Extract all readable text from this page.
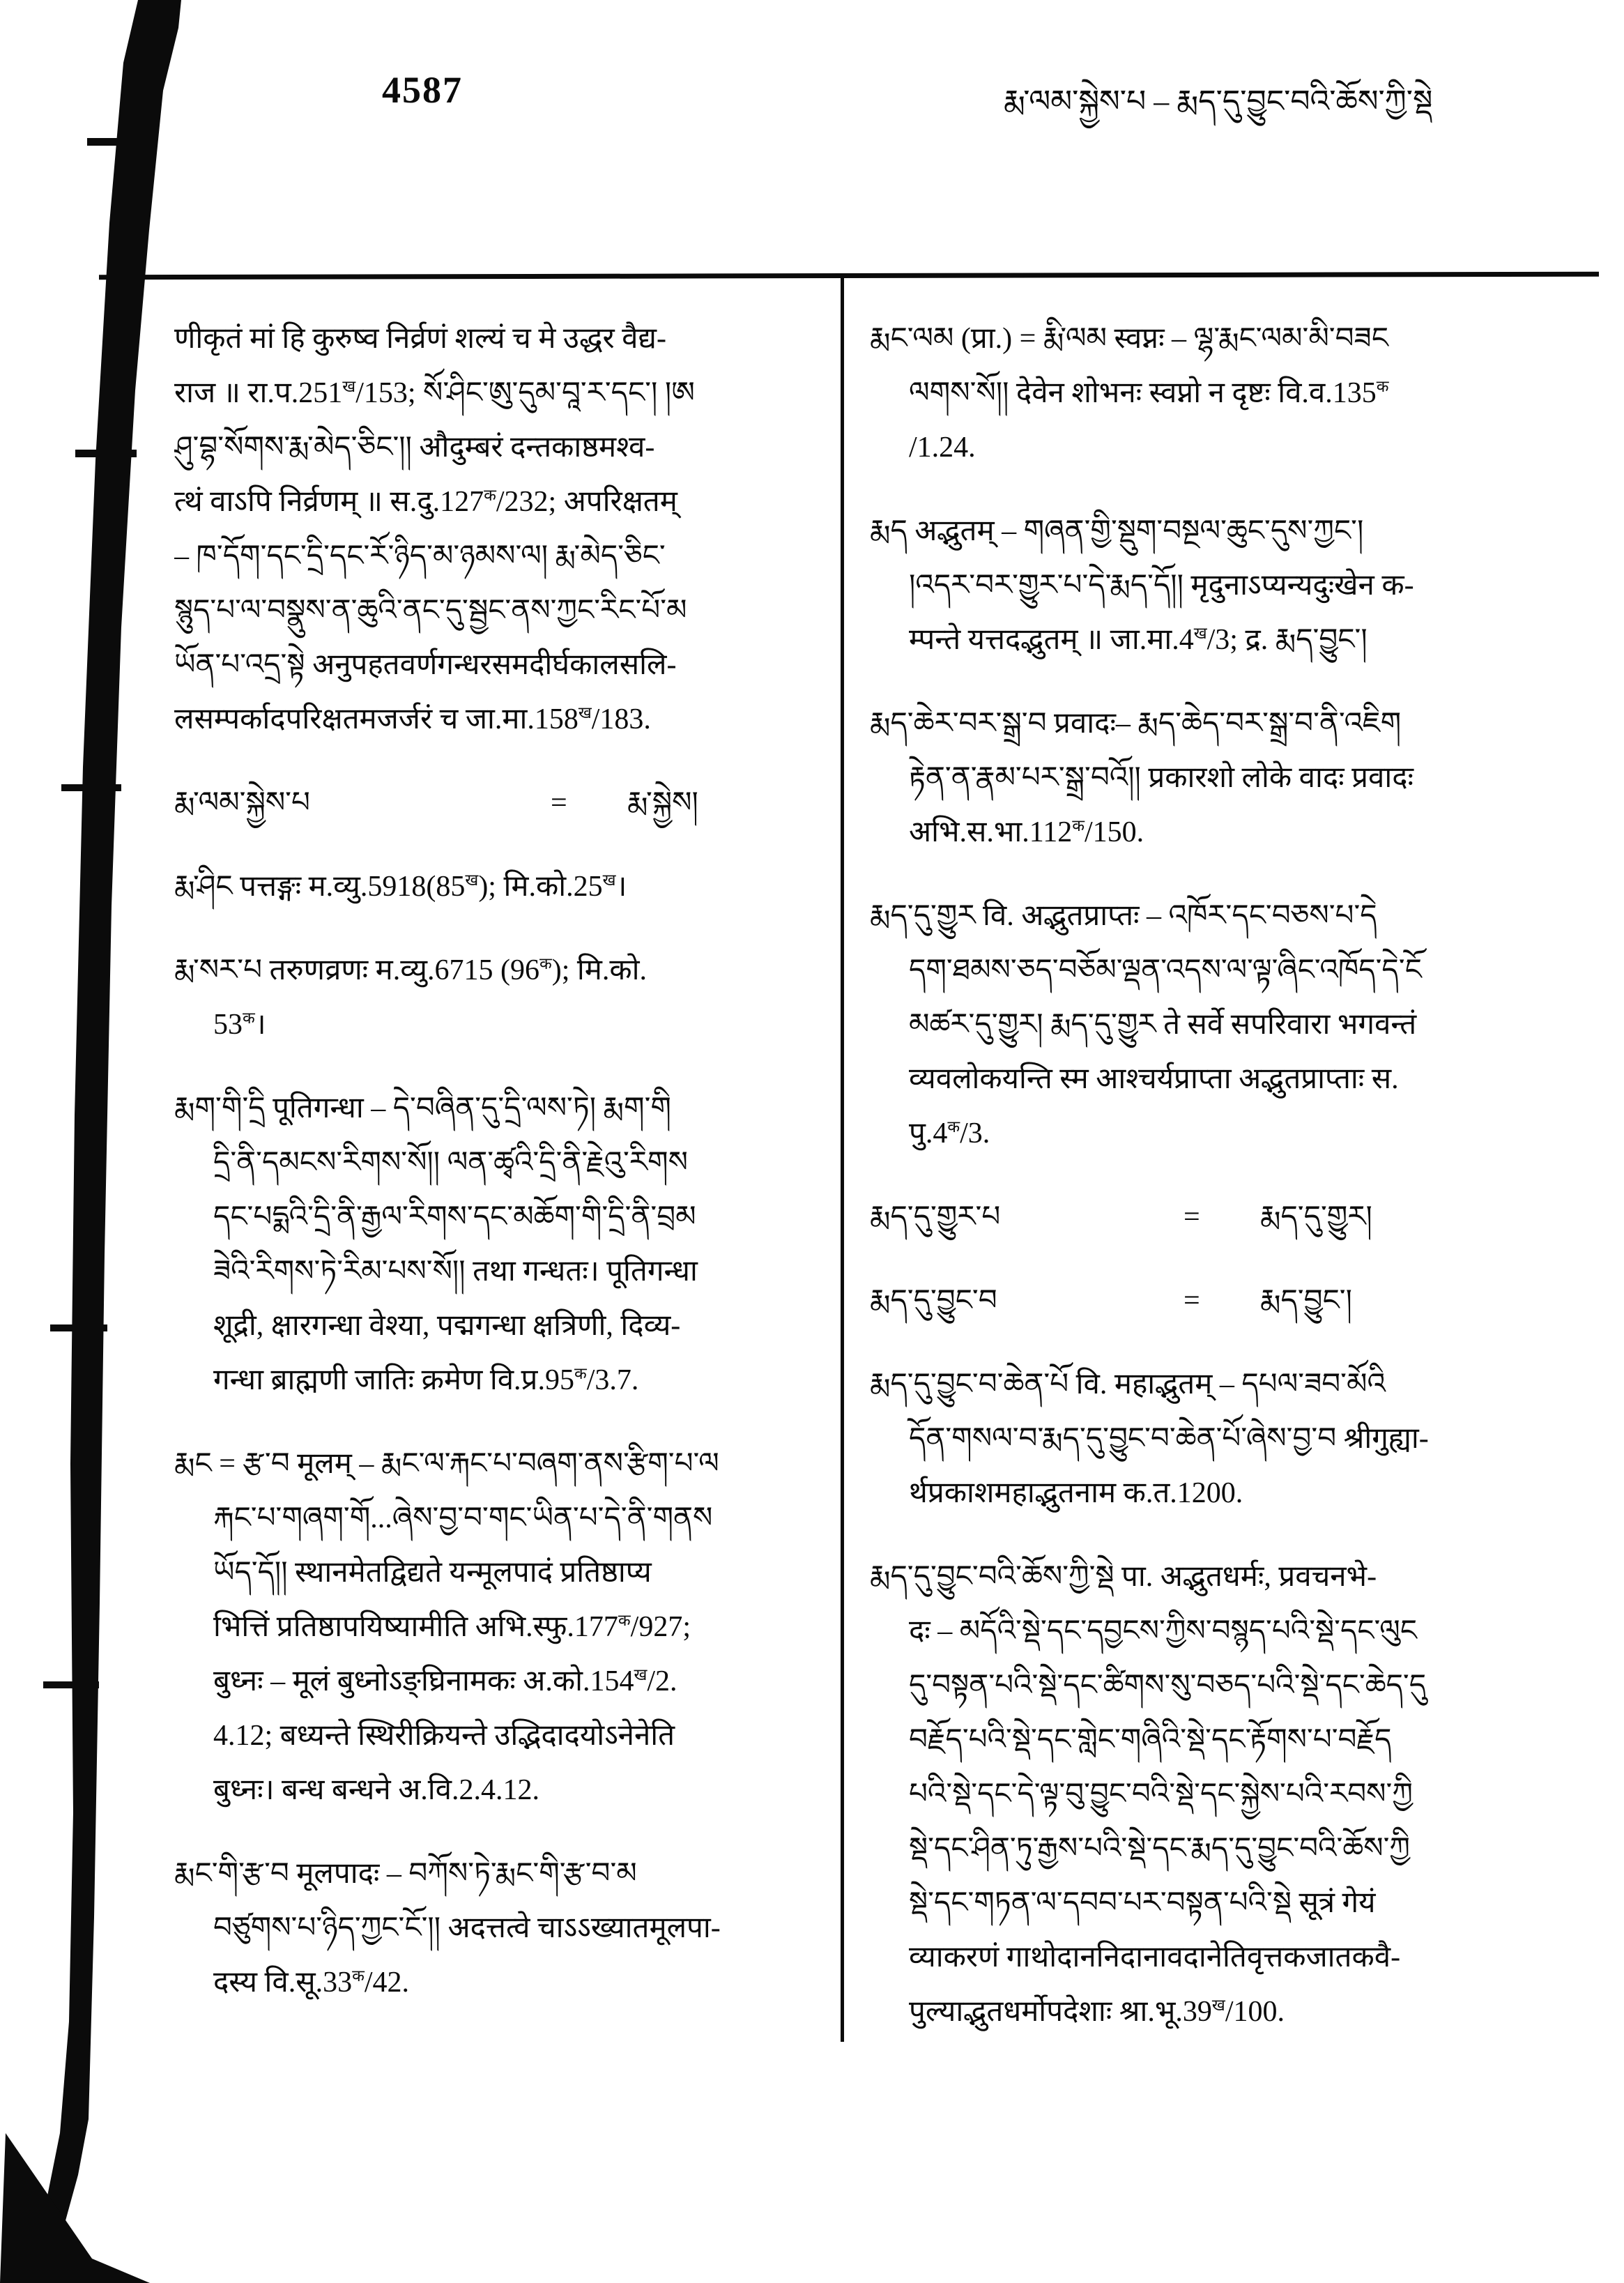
4587	རྨ་ལམ་སྐྱེས་པ – རྨད་དུ་བྱུང་བའི་ཆོས་ཀྱི་སྡེ
णीकृतं मां हि कुरुष्व निर्व्रणं शल्यं च मे उद्धर वैद्य-
राज ॥ $रा.प.251^ख/153$; སོ་ཤིང་ཨུ་དུམ་བཱ་ར་དང་། །ཨ
ཤུ་བྷ་སོགས་རྨ་མེད་ཅིང་།། औदुम्बरं दन्तकाष्ठमश्व-
त्थं वाऽपि निर्व्रणम् ॥ $स.दु.127^क/232$; अपरिक्षतम्
– ཁ་དོག་དང་དྲི་དང་རོ་ཉིད་མ་ཉམས་ལ། རྨ་མེད་ཅིང་
སྙུད་པ་ལ་བསྣུས་ན་ཆུའི་ནང་དུ་སྦྱང་ནས་ཀྱང་རིང་པོ་མ
ཡོན་པ་འདྲ་སྟེ अनुपहतवर्णगन्धरसमदीर्घकालसलि-
लसम्पर्कादपरिक्षतमजर्जरं च $जा.मा.158^ख/183$.
རྨ་ལམ་སྐྱེས་པ	=	རྨ་སྐྱེས།
རྨ་ཤིང पत्तङ्गः $म.व्यु.5918(85^ख)$; $मि.को.25^ख।$
རྨ་སར་པ तरुणव्रणः म.व्यु.6715 $(96^क)$; मि.को.
$53^क।$
རྨག་གི་དྲི पूतिगन्धा – དེ་བཞིན་དུ་དྲི་ལས་ཏེ། རྨག་གི
དྲི་ནི་དམངས་རིགས་སོ།། ལན་ཚྭའི་དྲི་ནི་རྗེའུ་རིགས
དང་པདྨའི་དྲི་ནི་རྒྱལ་རིགས་དང་མཆོག་གི་དྲི་ནི་བྲམ
ཟེའི་རིགས་ཏེ་རིམ་པས་སོ།། तथा गन्धतः। पूतिगन्धा
शूद्री, क्षारगन्धा वेश्या, पद्मगन्धा क्षत्रिणी, दिव्य-
गन्धा ब्राह्मणी जातिः क्रमेण $वि.प्र.95^क/3.7$.
རྨང = རྩ་བ मूलम् – རྨང་ལ་རྐང་པ་བཞག་ནས་རྩིག་པ་ལ
རྐང་པ་གཞག་གོ...ཞེས་བྱ་བ་གང་ཡིན་པ་དེ་ནི་གནས
ཡོད་དོ།། स्थानमेतद्विद्यते यन्मूलपादं प्रतिष्ठाप्य
भित्तिं प्रतिष्ठापयिष्यामीति $अभि.स्फु.177^क/927$;
बुध्नः – मूलं बुध्नोऽङ्घ्रिनामकः $अ.को.154^ख/2$.
4.12; बध्यन्ते स्थिरीक्रियन्ते उद्भिदादयोऽनेनेति
बुध्नः। बन्ध बन्धने अ.वि.2.4.12.
རྨང་གི་རྩ་བ मूलपादः – བཀོས་ཏེ་རྨང་གི་རྩ་བ་མ
བཙུགས་པ་ཉིད་ཀྱང་ངོ་།། अदत्तत्वे चाऽऽख्यातमूलपा-
दस्य $वि.सू.33^क/42$.
རྨང་ལམ (प्रा.) = རྨི་ལམ स्वप्नः – ལྷ་རྨང་ལམ་མི་བཟང
ལགས་སོ།། देवेन शोभनः स्वप्नो न दृष्टः $वि.व.135^क$
/1.24.
རྨད अद्भुतम् – གཞན་གྱི་སྡུག་བསྔལ་ཆུང་དུས་ཀྱང་།
།འདར་བར་གྱུར་པ་དེ་རྨད་དོ།། मृदुनाऽप्यन्यदुःखेन क-
म्पन्ते यत्तदद्भुतम् ॥ $जा.मा.4^ख/3$; द्र. རྨད་བྱུང་།
རྨད་ཆེར་བར་སྒྲ་བ प्रवादः– རྨད་ཆེད་བར་སྒྲ་བ་ནི་འཇིག
རྟེན་ན་རྣམ་པར་སྒྲ་བའོ།། प्रकारशो लोके वादः प्रवादः
$अभि.स.भा.112^क/150$.
རྨད་དུ་གྱུར वि. अद्भुतप्राप्तः – འཁོར་དང་བཅས་པ་དེ
དག་ཐམས་ཅད་བཅོམ་ལྡན་འདས་ལ་ལྟ་ཞིང་འཁོད་དེ་ངོ
མཚར་དུ་གྱུར། རྨད་དུ་གྱུར ते सर्वे सपरिवारा भगवन्तं
व्यवलोकयन्ति स्म आश्चर्यप्राप्ता अद्भुतप्राप्ताः स.
$पु.4^क/3$.
རྨད་དུ་གྱུར་པ	=	རྨད་དུ་གྱུར།
རྨད་དུ་བྱུང་བ	=	རྨད་བྱུང་།
རྨད་དུ་བྱུང་བ་ཆེན་པོ वि. महाद्भुतम् – དཔལ་ཟབ་མོའི
དོན་གསལ་བ་རྨད་དུ་བྱུང་བ་ཆེན་པོ་ཞེས་བྱ་བ श्रीगुह्या-
र्थप्रकाशमहाद्भुतनाम क.त.1200.
རྨད་དུ་བྱུང་བའི་ཆོས་ཀྱི་སྡེ पा. अद्भुतधर्मः, प्रवचनभे-
दः – མདོའི་སྡེ་དང་དབྱངས་ཀྱིས་བསྙད་པའི་སྡེ་དང་ལུང
དུ་བསྟན་པའི་སྡེ་དང་ཚིགས་སུ་བཅད་པའི་སྡེ་དང་ཆེད་དུ
བརྗོད་པའི་སྡེ་དང་གླེང་གཞིའི་སྡེ་དང་རྟོགས་པ་བརྗོད
པའི་སྡེ་དང་དེ་ལྟ་བུ་བྱུང་བའི་སྡེ་དང་སྐྱེས་པའི་རབས་ཀྱི
སྡེ་དང་ཤིན་ཏུ་རྒྱས་པའི་སྡེ་དང་རྨད་དུ་བྱུང་བའི་ཆོས་ཀྱི
སྡེ་དང་གཏན་ལ་དབབ་པར་བསྟན་པའི་སྡེ सूत्रं गेयं
व्याकरणं गाथोदाननिदानावदानेतिवृत्तकजातकवै-
पुल्याद्भुतधर्मोपदेशाः $श्रा.भू.39^ख/100$.
